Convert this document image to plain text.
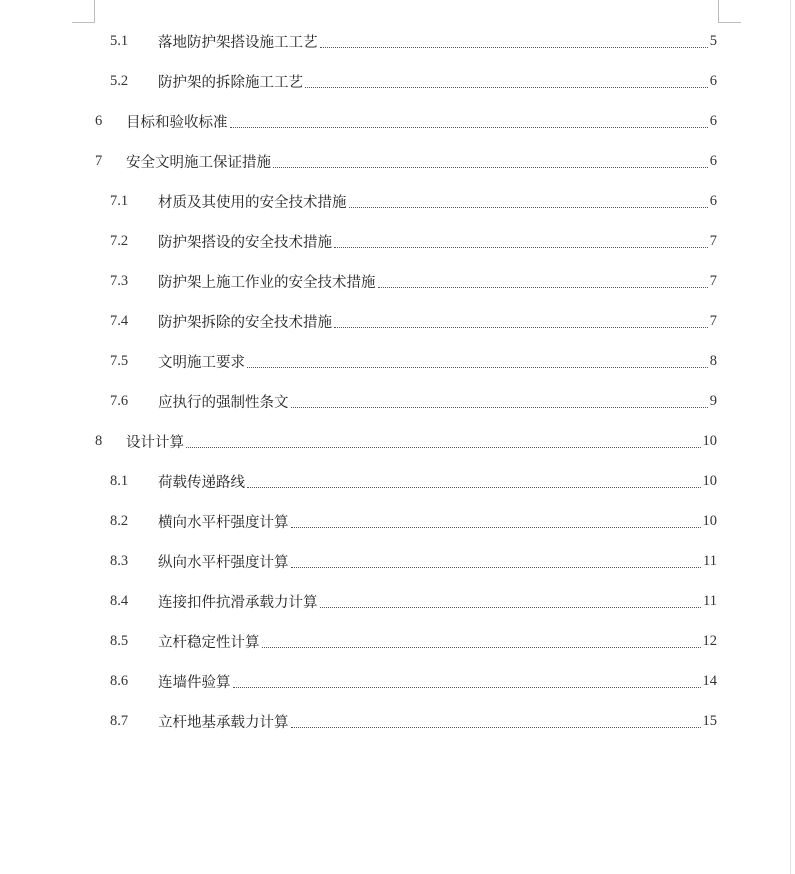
5.1	落地防护架搭设施工工艺	5
5.2	防护架的拆除施工工艺	6
6	目标和验收标准	6
7	安全文明施工保证措施	6
7.1	材质及其使用的安全技术措施	6
7.2	防护架搭设的安全技术措施	7
7.3	防护架上施工作业的安全技术措施	7
7.4	防护架拆除的安全技术措施	7
7.5	文明施工要求	8
7.6	应执行的强制性条文	9
8	设计计算	10
8.1	荷载传递路线	10
8.2	横向水平杆强度计算	10
8.3	纵向水平杆强度计算	11
8.4	连接扣件抗滑承载力计算	11
8.5	立杆稳定性计算	12
8.6	连墙件验算	14
8.7	立杆地基承载力计算	15
